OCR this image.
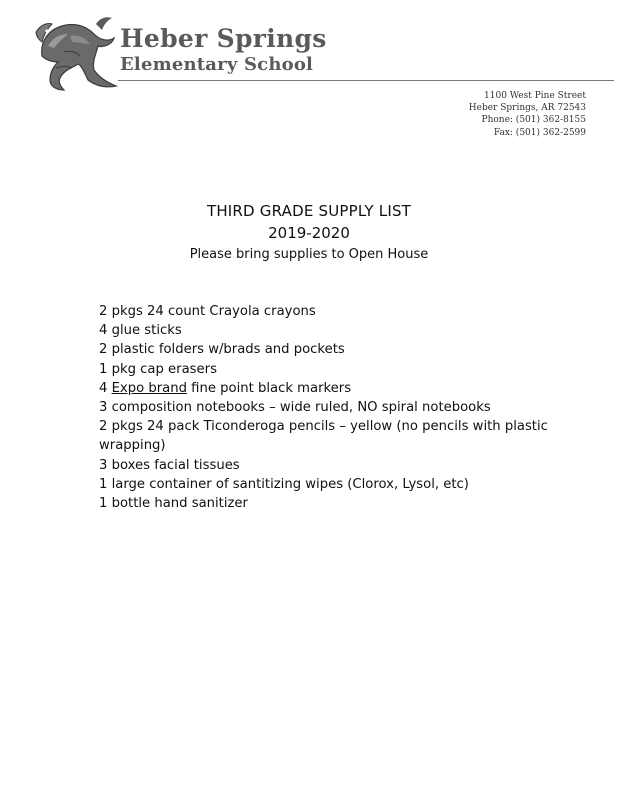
Heber Springs
Elementary School
1100 West Pine Street
Heber Springs, AR 72543
Phone: (501) 362-8155
Fax: (501) 362-2599
THIRD GRADE SUPPLY LIST
2019-2020
Please bring supplies to Open House
2 pkgs 24 count Crayola crayons
4 glue sticks
2 plastic folders w/brads and pockets
1 pkg cap erasers
4 Expo brand fine point black markers
3 composition notebooks – wide ruled, NO spiral notebooks
2 pkgs 24 pack Ticonderoga pencils – yellow (no pencils with plastic wrapping)
3 boxes facial tissues
1 large container of santitizing wipes (Clorox, Lysol, etc)
1 bottle hand sanitizer
